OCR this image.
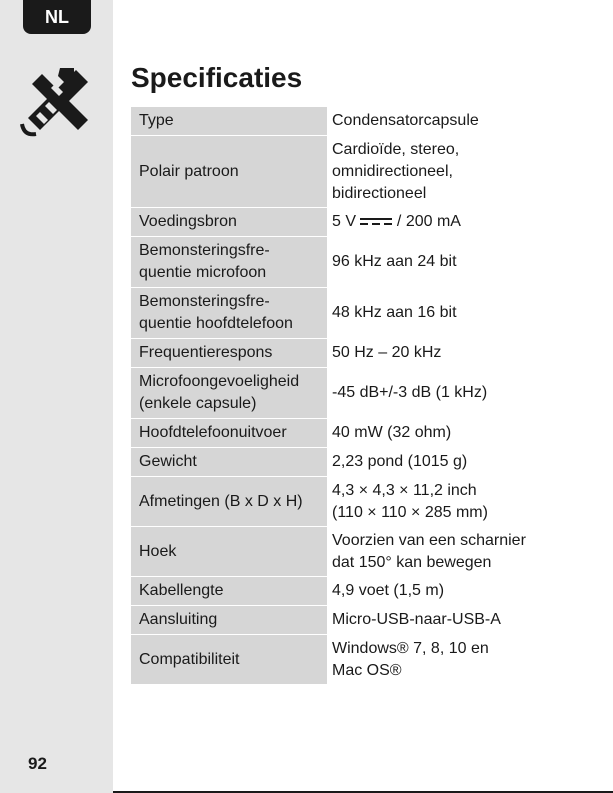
NL
92
Specificaties
Type	Condensatorcapsule
Polair patroon	Cardioïde, stereo,
omnidirectioneel,
bidirectioneel
Voedingsbron	5 V / 200 mA
Bemonsteringsfre-
quentie microfoon	96 kHz aan 24 bit
Bemonsteringsfre-
quentie hoofdtelefoon	48 kHz aan 16 bit
Frequentierespons	50 Hz – 20 kHz
Microfoongevoeligheid
(enkele capsule)	-45 dB+/-3 dB (1 kHz)
Hoofdtelefoonuitvoer	40 mW (32 ohm)
Gewicht	2,23 pond (1015 g)
Afmetingen (B x D x H)	4,3 × 4,3 × 11,2 inch
(110 × 110 × 285 mm)
Hoek	Voorzien van een scharnier
dat 150° kan bewegen
Kabellengte	4,9 voet (1,5 m)
Aansluiting	Micro-USB-naar-USB-A
Compatibiliteit	Windows® 7, 8, 10 en
Mac OS®
